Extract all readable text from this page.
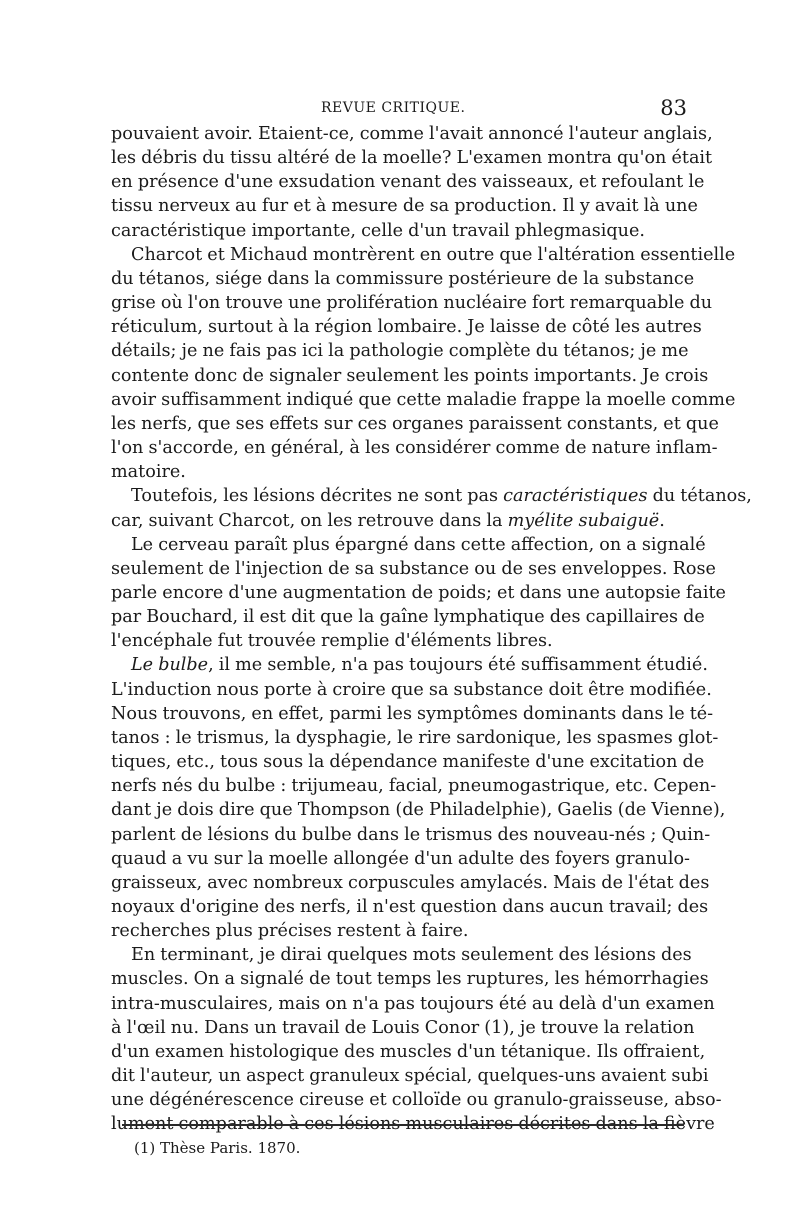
REVUE CRITIQUE.	83
pouvaient avoir. Etaient-ce, comme l'avait annoncé l'auteur anglais,
les débris du tissu altéré de la moelle? L'examen montra qu'on était
en présence d'une exsudation venant des vaisseaux, et refoulant le
tissu nerveux au fur et à mesure de sa production. Il y avait là une
caractéristique importante, celle d'un travail phlegmasique.
Charcot et Michaud montrèrent en outre que l'altération essentielle
du tétanos, siége dans la commissure postérieure de la substance
grise où l'on trouve une prolifération nucléaire fort remarquable du
réticulum, surtout à la région lombaire. Je laisse de côté les autres
détails; je ne fais pas ici la pathologie complète du tétanos; je me
contente donc de signaler seulement les points importants. Je crois
avoir suffisamment indiqué que cette maladie frappe la moelle comme
les nerfs, que ses effets sur ces organes paraissent constants, et que
l'on s'accorde, en général, à les considérer comme de nature inflam-
matoire.
Toutefois, les lésions décrites ne sont pas caractéristiques du tétanos,
car, suivant Charcot, on les retrouve dans la myélite subaiguë.
Le cerveau paraît plus épargné dans cette affection, on a signalé
seulement de l'injection de sa substance ou de ses enveloppes. Rose
parle encore d'une augmentation de poids; et dans une autopsie faite
par Bouchard, il est dit que la gaîne lymphatique des capillaires de
l'encéphale fut trouvée remplie d'éléments libres.
Le bulbe, il me semble, n'a pas toujours été suffisamment étudié.
L'induction nous porte à croire que sa substance doit être modifiée.
Nous trouvons, en effet, parmi les symptômes dominants dans le té-
tanos : le trismus, la dysphagie, le rire sardonique, les spasmes glot-
tiques, etc., tous sous la dépendance manifeste d'une excitation de
nerfs nés du bulbe : trijumeau, facial, pneumogastrique, etc. Cepen-
dant je dois dire que Thompson (de Philadelphie), Gaelis (de Vienne),
parlent de lésions du bulbe dans le trismus des nouveau-nés ; Quin-
quaud a vu sur la moelle allongée d'un adulte des foyers granulo-
graisseux, avec nombreux corpuscules amylacés. Mais de l'état des
noyaux d'origine des nerfs, il n'est question dans aucun travail; des
recherches plus précises restent à faire.
En terminant, je dirai quelques mots seulement des lésions des
muscles. On a signalé de tout temps les ruptures, les hémorrhagies
intra-musculaires, mais on n'a pas toujours été au delà d'un examen
à l'œil nu. Dans un travail de Louis Conor (1), je trouve la relation
d'un examen histologique des muscles d'un tétanique. Ils offraient,
dit l'auteur, un aspect granuleux spécial, quelques-uns avaient subi
une dégénérescence cireuse et colloïde ou granulo-graisseuse, abso-
lument comparable à ces lésions musculaires décrites dans la fièvre
(1) Thèse Paris. 1870.
